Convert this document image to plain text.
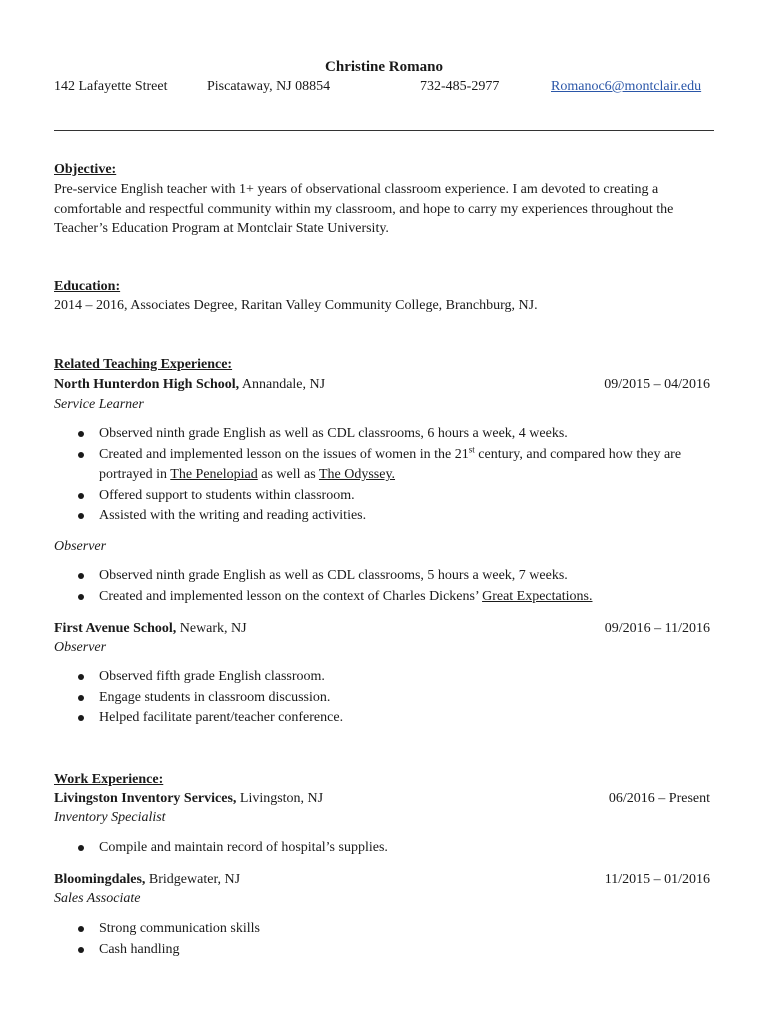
Christine Romano
142 Lafayette Street	Piscataway, NJ 08854	732-485-2977	Romanoc6@montclair.edu
Objective:
Pre-service English teacher with 1+ years of observational classroom experience. I am devoted to creating a comfortable and respectful community within my classroom, and hope to carry my experiences throughout the Teacher’s Education Program at Montclair State University.
Education:
2014 – 2016, Associates Degree, Raritan Valley Community College, Branchburg, NJ.
Related Teaching Experience:
North Hunterdon High School, Annandale, NJ	09/2015 – 04/2016
Service Learner
Observed ninth grade English as well as CDL classrooms, 6 hours a week, 4 weeks.
Created and implemented lesson on the issues of women in the 21st century, and compared how they are portrayed in The Penelopiad as well as The Odyssey.
Offered support to students within classroom.
Assisted with the writing and reading activities.
Observer
Observed ninth grade English as well as CDL classrooms, 5 hours a week, 7 weeks.
Created and implemented lesson on the context of Charles Dickens’ Great Expectations.
First Avenue School, Newark, NJ	09/2016 – 11/2016
Observer
Observed fifth grade English classroom.
Engage students in classroom discussion.
Helped facilitate parent/teacher conference.
Work Experience:
Livingston Inventory Services, Livingston, NJ	06/2016 – Present
Inventory Specialist
Compile and maintain record of hospital’s supplies.
Bloomingdales, Bridgewater, NJ	11/2015 – 01/2016
Sales Associate
Strong communication skills
Cash handling
